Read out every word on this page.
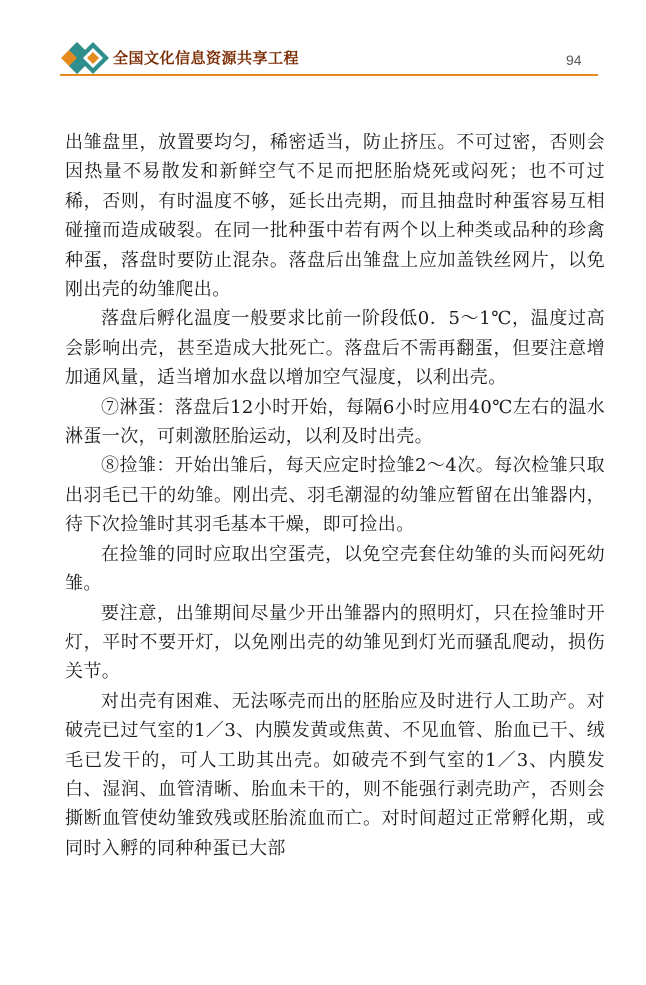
全国文化信息资源共享工程	94

出雏盘里，放置要均匀，稀密适当，防止挤压。不可过密，否则会因热量不易散发和新鲜空气不足而把胚胎烧死或闷死；也不可过稀，否则，有时温度不够，延长出壳期，而且抽盘时种蛋容易互相碰撞而造成破裂。在同一批种蛋中若有两个以上种类或品种的珍禽种蛋，落盘时要防止混杂。落盘后出雏盘上应加盖铁丝网片，以免刚出壳的幼雏爬出。

落盘后孵化温度一般要求比前一阶段低0．5～1℃，温度过高会影响出壳，甚至造成大批死亡。落盘后不需再翻蛋，但要注意增加通风量，适当增加水盘以增加空气湿度，以利出壳。

⑦淋蛋：落盘后12小时开始，每隔6小时应用40℃左右的温水淋蛋一次，可刺激胚胎运动，以利及时出壳。

⑧捡雏：开始出雏后，每天应定时捡雏2～4次。每次检雏只取出羽毛已干的幼雏。刚出壳、羽毛潮湿的幼雏应暂留在出雏器内，待下次捡雏时其羽毛基本干燥，即可捡出。

在捡雏的同时应取出空蛋壳，以免空壳套住幼雏的头而闷死幼雏。

要注意，出雏期间尽量少开出雏器内的照明灯，只在捡雏时开灯，平时不要开灯，以免刚出壳的幼雏见到灯光而骚乱爬动，损伤关节。

对出壳有困难、无法啄壳而出的胚胎应及时进行人工助产。对破壳已过气室的1／3、内膜发黄或焦黄、不见血管、胎血已干、绒毛已发干的，可人工助其出壳。如破壳不到气室的1／3、内膜发白、湿润、血管清晰、胎血未干的，则不能强行剥壳助产，否则会撕断血管使幼雏致残或胚胎流血而亡。对时间超过正常孵化期，或同时入孵的同种种蛋已大部
